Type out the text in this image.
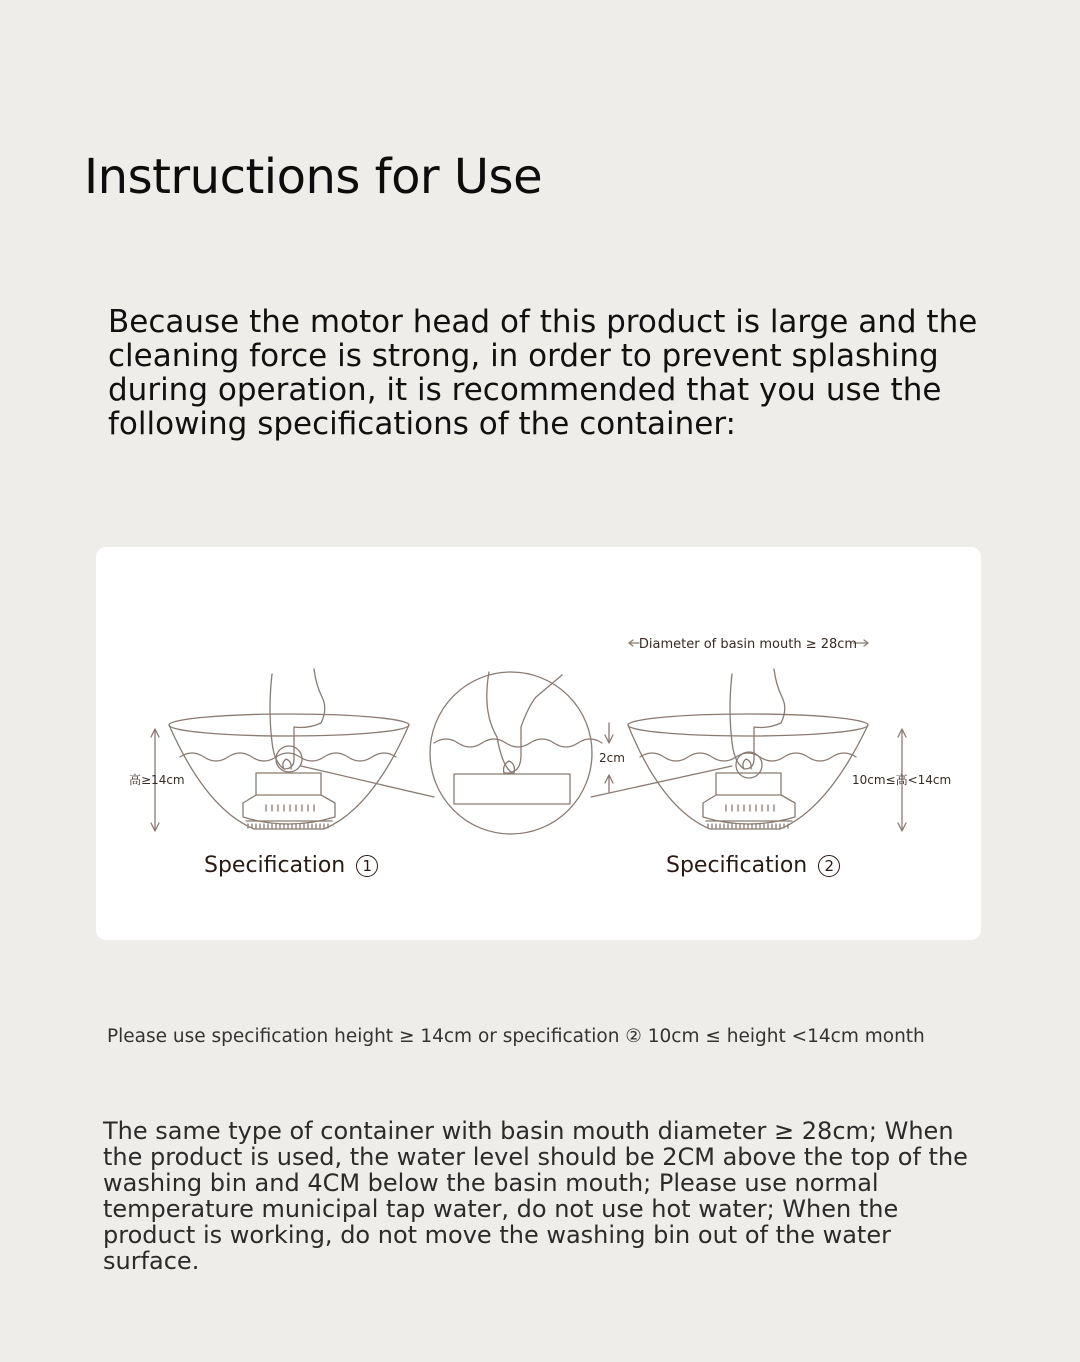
Instructions for Use

Because the motor head of this product is large and the cleaning force is strong, in order to prevent splashing during operation, it is recommended that you use the following specifications of the container:

Diameter of basin mouth ≥ 28cm
高≥14cm	10cm≤高<14cm
2cm
Specification 1	Specification 2

Please use specification height ≥ 14cm or specification ② 10cm ≤ height <14cm month

The same type of container with basin mouth diameter ≥ 28cm; When the product is used, the water level should be 2CM above the top of the washing bin and 4CM below the basin mouth; Please use normal temperature municipal tap water, do not use hot water; When the product is working, do not move the washing bin out of the water surface.
